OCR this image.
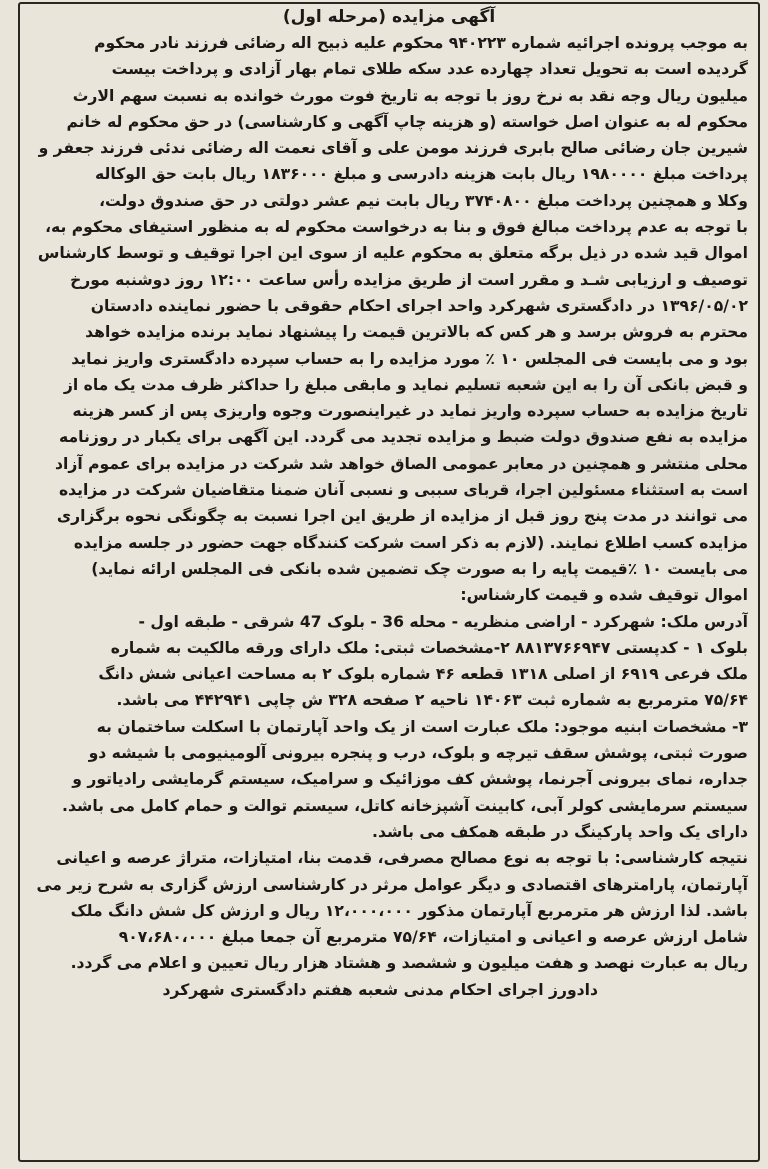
آگهی مزایده (مرحله اول)

به موجب پرونده اجرائیه شماره ۹۴۰۲۲۳ محکوم علیه ذبیح اله رضائی فرزند نادر محکوم
گردیده است به تحویل تعداد چهارده عدد سکه طلای تمام بهار آزادی و پرداخت بیست
میلیون ریال وجه نقد به نرخ روز با توجه به تاریخ فوت مورث خوانده به نسبت سهم الارث
محکوم له به عنوان اصل خواسته (و هزینه چاپ آگهی و کارشناسی) در حق محکوم له خانم
شیرین جان رضائی صالح بابری فرزند مومن علی و آقای نعمت اله رضائی ندئی فرزند جعفر و
پرداخت مبلغ ۱۹۸۰۰۰۰ ریال بابت هزینه دادرسی و مبلغ ۱۸۳۶۰۰۰ ریال بابت حق الوکاله
وکلا و همچنین پرداخت مبلغ ۳۷۴۰۸۰۰ ریال بابت نیم عشر دولتی در حق صندوق دولت،
با توجه به عدم پرداخت مبالغ فوق و بنا به درخواست محکوم له به منظور استیفای محکوم به،
اموال قید شده در ذیل برگه متعلق به محکوم علیه از سوی این اجرا توقیف و توسط کارشناس
توصیف و ارزیابی شـد و مقرر است از طریق مزایده رأس ساعت ۱۲:۰۰ روز دوشنبه مورخ
۱۳۹۶/۰۵/۰۲ در دادگستری شهرکرد واحد اجرای احکام حقوقی با حضور نماینده دادستان
محترم به فروش برسد و هر کس که بالاترین قیمت را پیشنهاد نماید برنده مزایده خواهد
بود و می بایست فی المجلس ۱۰ ٪ مورد مزایده را به حساب سپرده دادگستری واریز نماید
و قبض بانکی آن را به این شعبه تسلیم نماید و مابقی مبلغ را حداکثر ظرف مدت یک ماه از
تاریخ مزایده به حساب سپرده واریز نماید در غیراینصورت وجوه واریزی پس از کسر هزینه
مزایده به نفع صندوق دولت ضبط و مزایده تجدید می گردد. این آگهی برای یکبار در روزنامه
محلی منتشر و همچنین در معابر عمومی الصاق خواهد شد شرکت در مزایده برای عموم آزاد
است به استثناء مسئولین اجرا، قربای سببی و نسبی آنان ضمنا متقاضیان شرکت در مزایده
می توانند در مدت پنج روز قبل از مزایده از طریق این اجرا نسبت به چگونگی نحوه برگزاری
مزایده کسب اطلاع نمایند. (لازم به ذکر است شرکت کنندگاه جهت حضور در جلسه مزایده
می بایست ۱۰ ٪قیمت پایه را به صورت چک تضمین شده بانکی فی المجلس ارائه نماید)

اموال توقیف شده و قیمت کارشناس:
آدرس ملک: شهرکرد - اراضی منظریه - محله 36 - بلوک 47 شرقی - طبقه اول -
بلوک ۱ - کدپستی ۸۸۱۳۷۶۶۹۴۷ ۲-مشخصات ثبتی: ملک دارای ورقه مالکیت به شماره
ملک فرعی ۶۹۱۹ از اصلی ۱۳۱۸ قطعه ۴۶ شماره بلوک ۲ به مساحت اعیانی شش دانگ
۷۵/۶۴ مترمربع به شماره ثبت ۱۴۰۶۳ ناحیه ۲ صفحه ۳۲۸ ش چاپی ۴۴۲۹۴۱ می باشد.
۳- مشخصات ابنیه موجود: ملک عبارت است از یک واحد آپارتمان با اسکلت ساختمان به
صورت ثبتی، پوشش سقف تیرچه و بلوک، درب و پنجره بیرونی آلومینیومی با شیشه دو
جداره، نمای بیرونی آجرنما، پوشش کف موزائیک و سرامیک، سیستم گرمایشی رادیاتور و
سیستم سرمایشی کولر آبی، کابینت آشپزخانه کاتل، سیستم توالت و حمام کامل می باشد.
دارای یک واحد پارکینگ در طبقه همکف می باشد.

نتیجه کارشناسی: با توجه به نوع مصالح مصرفی، قدمت بنا، امتیازات، متراژ عرصه و اعیانی
آپارتمان، پارامترهای اقتصادی و دیگر عوامل مرثر در کارشناسی ارزش گزاری به شرح زیر می
باشد. لذا ارزش هر مترمربع آپارتمان مذکور ۱۲،۰۰۰،۰۰۰ ریال و ارزش کل شش دانگ ملک
شامل ارزش عرصه و اعیانی و امتیازات، ۷۵/۶۴ مترمربع آن جمعا مبلغ ۹۰۷،۶۸۰،۰۰۰
ریال به عبارت نهصد و هفت میلیون و ششصد و هشتاد هزار ریال تعیین و اعلام می گردد.

دادورز اجرای احکام مدنی شعبه هفتم دادگستری شهرکرد
